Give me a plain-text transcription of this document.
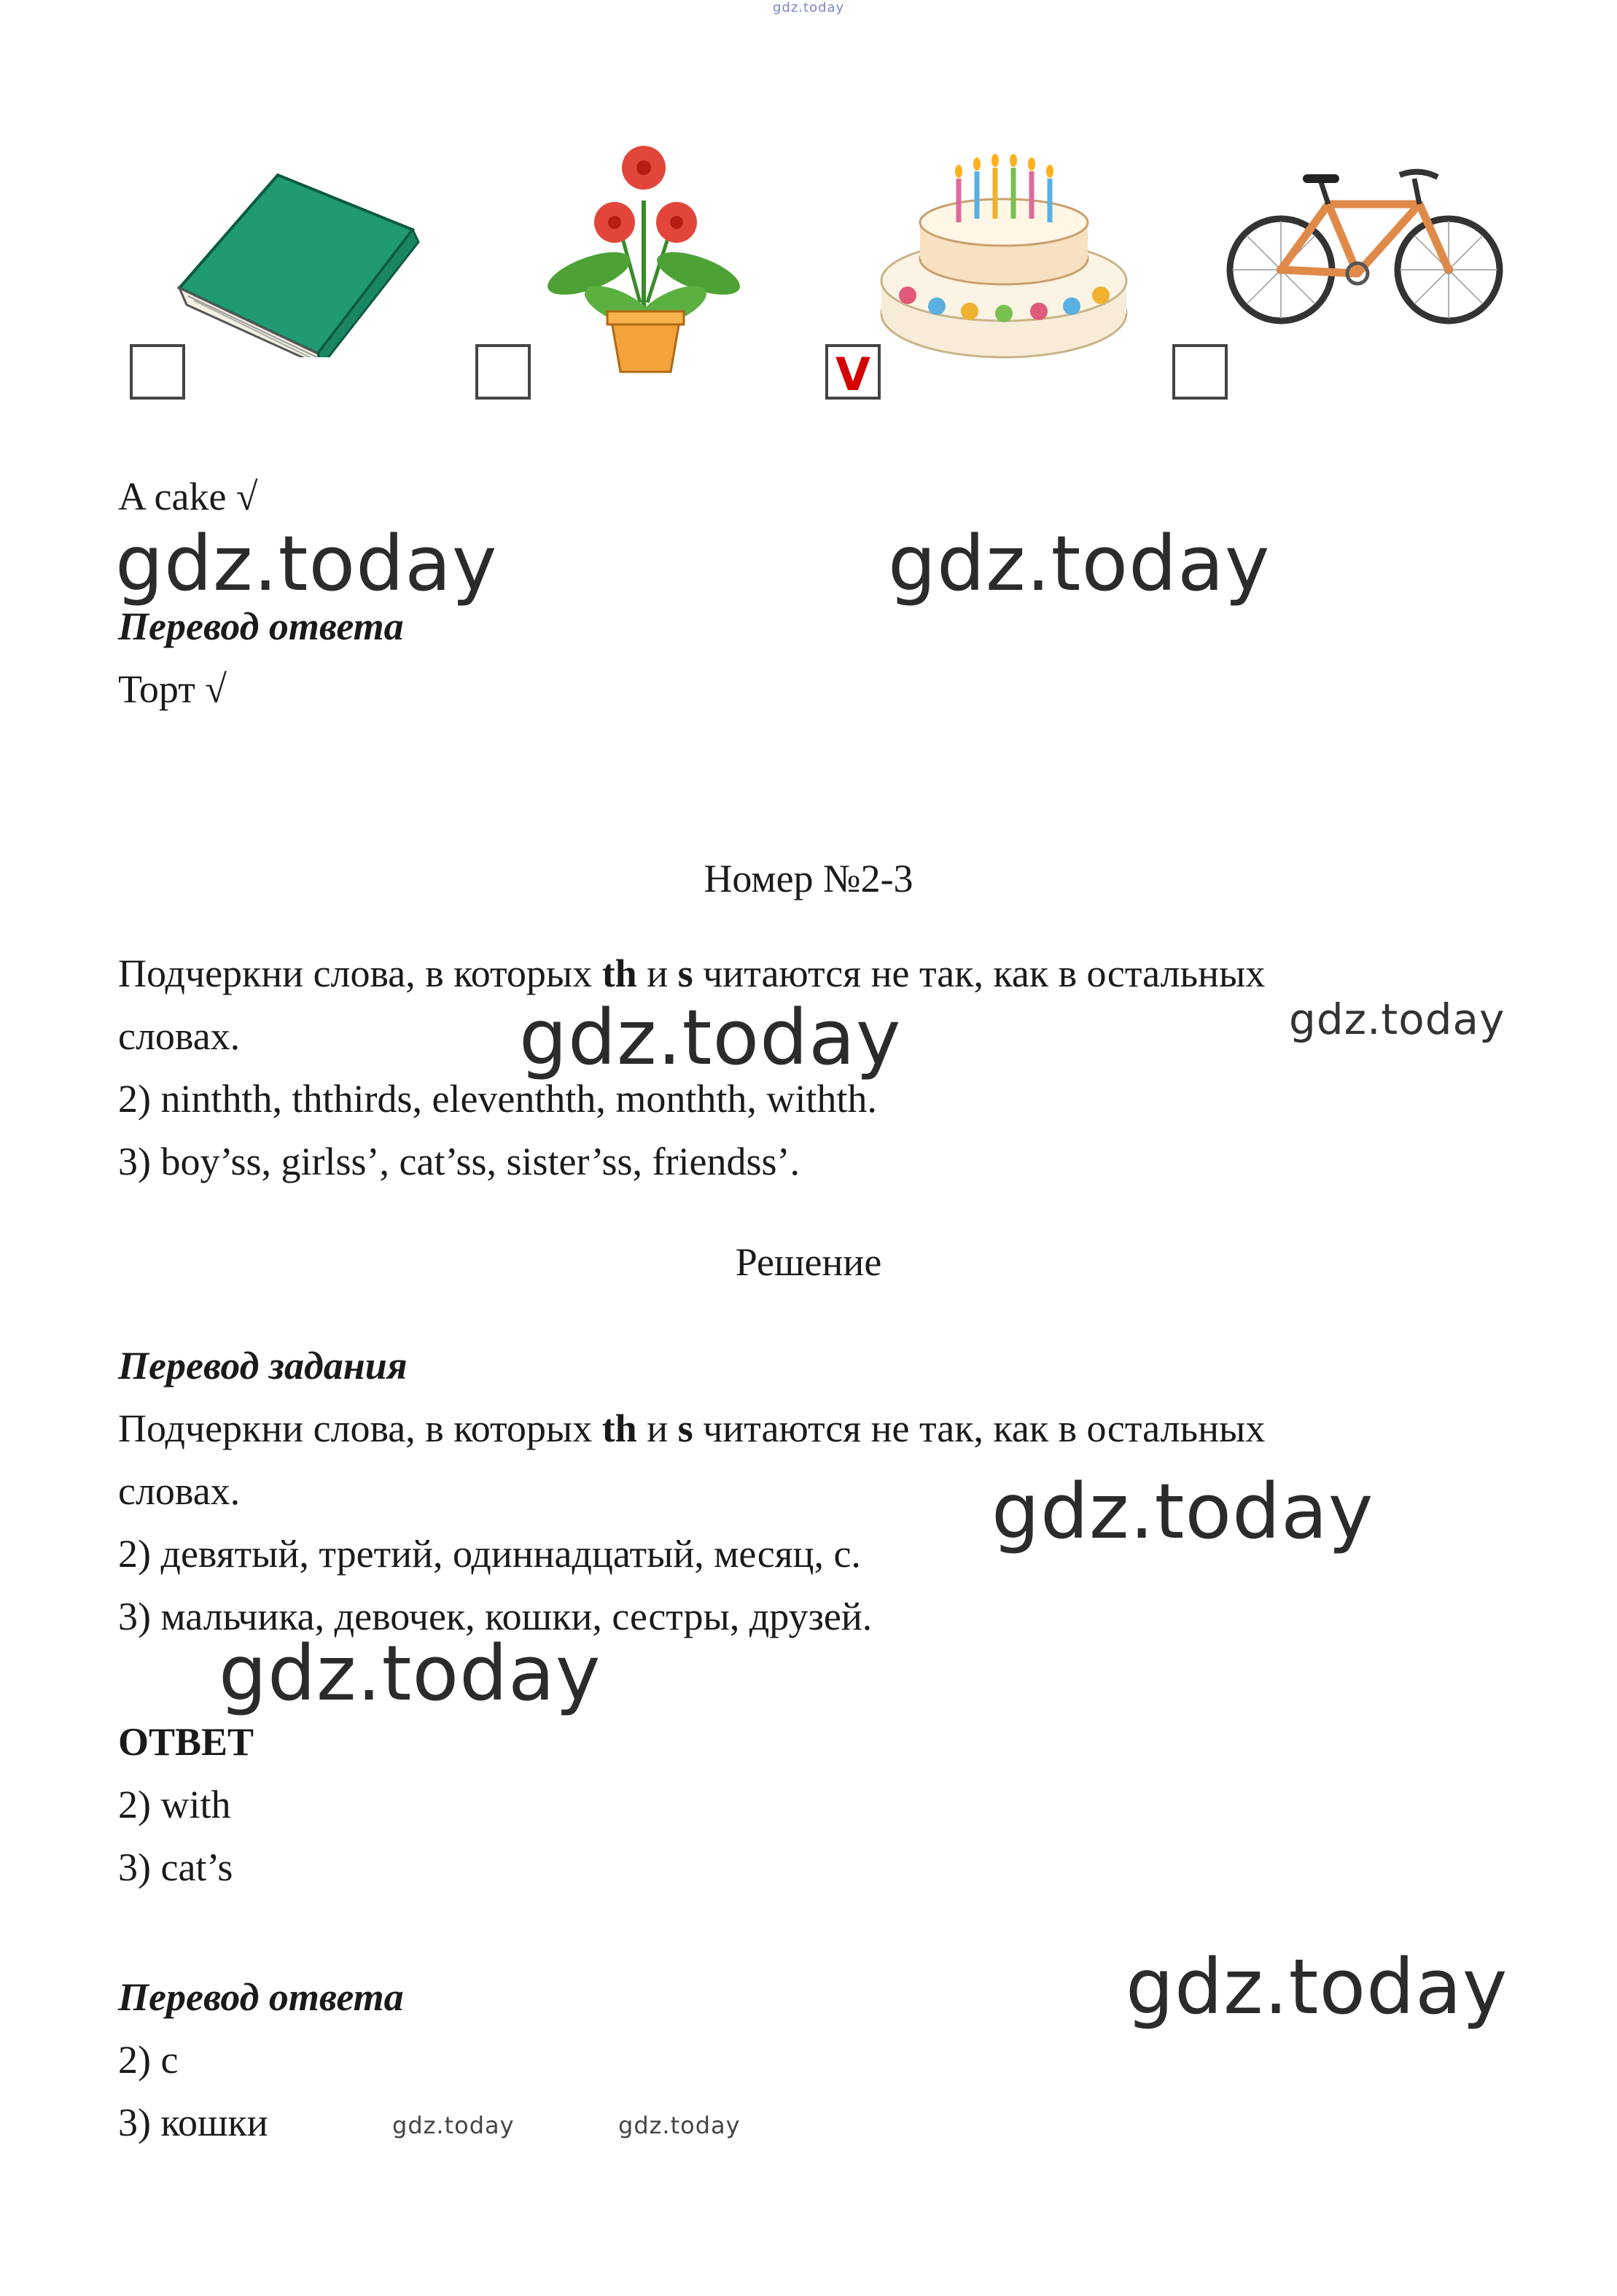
gdz.today
V
A cake √
gdz.today	gdz.today
Перевод ответа
Торт √
Номер №2-3
Подчеркни слова, в которых th и s читаются не так, как в остальных
словах.	gdz.today	gdz.today
2) ninthth, ththirds, eleventhth, monthth, withth.
3) boy’ss, girlss’, cat’ss, sister’ss, friendss’.
Решение
Перевод задания
Подчеркни слова, в которых th и s читаются не так, как в остальных
словах.	gdz.today
2) девятый, третий, одиннадцатый, месяц, с.
3) мальчика, девочек, кошки, сестры, друзей.
gdz.today
ОТВЕТ
2) with
3) cat’s
gdz.today
Перевод ответа
2) с
3) кошки	gdz.today	gdz.today
